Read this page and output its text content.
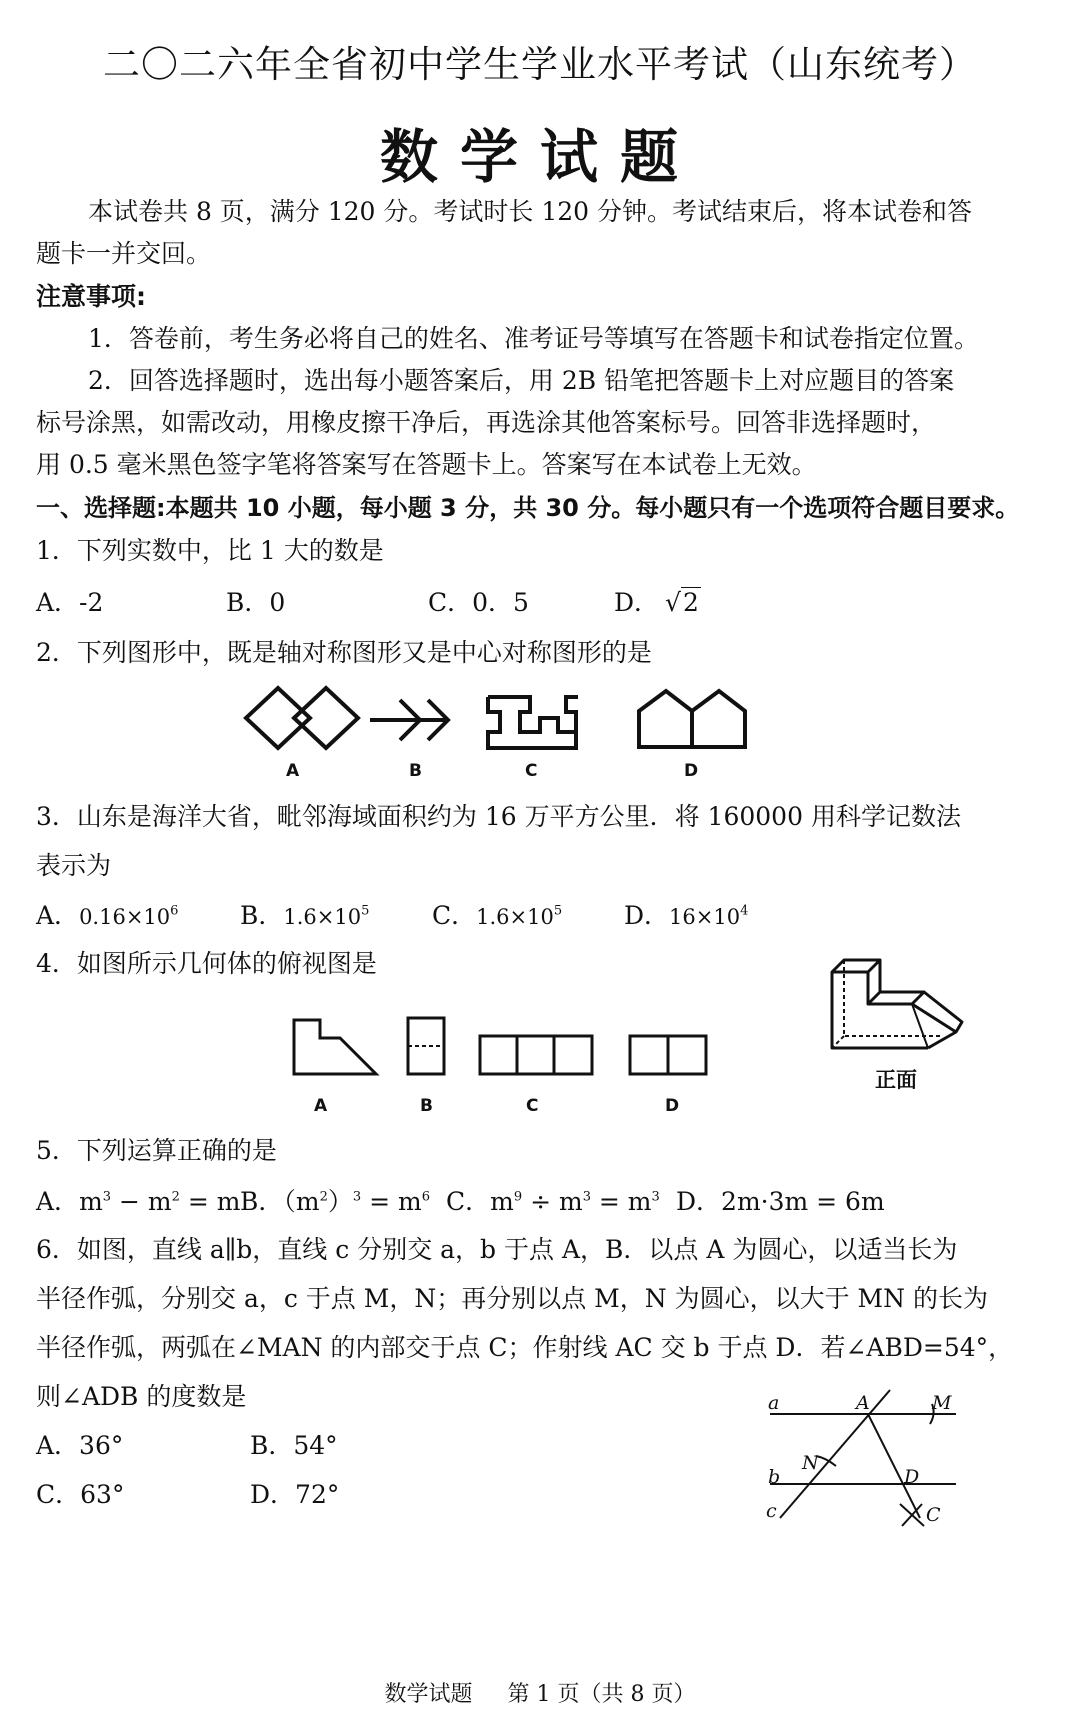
二〇二六年全省初中学生学业水平考试（山东统考）
数学试题
本试卷共 8 页，满分 120 分。考试时长 120 分钟。考试结束后，将本试卷和答
题卡一并交回。
注意事项:
1．答卷前，考生务必将自己的姓名、准考证号等填写在答题卡和试卷指定位置。
2．回答选择题时，选出每小题答案后，用 2B 铅笔把答题卡上对应题目的答案
标号涂黑，如需改动，用橡皮擦干净后，再选涂其他答案标号。回答非选择题时，
用 0.5 毫米黑色签字笔将答案写在答题卡上。答案写在本试卷上无效。
一、选择题:本题共 10 小题，每小题 3 分，共 30 分。每小题只有一个选项符合题目要求。
1．下列实数中，比 1 大的数是
A．-2	B．0	C．0．5	D． √2
2．下列图形中，既是轴对称图形又是中心对称图形的是
A	B	C	D
3．山东是海洋大省，毗邻海域面积约为 16 万平方公里．将 160000 用科学记数法
表示为
A．$0.16\times 10^6$ B．$1.6\times 10^5$	C．$1.6\times 10^5$ D．$16\times 10^4$
4．如图所示几何体的俯视图是
A	B	C	D
正面
5．下列运算正确的是
A．$m^3 - m^2 = m$ B．$(m^2)^3 = m^6$ C．$m^9 \div m^3 = m^3$ D．2m·3m = 6m
6．如图，直线 a∥b，直线 c 分别交 a，b 于点 A，B．以点 A 为圆心，以适当长为
半径作弧，分别交 a，c 于点 M，N；再分别以点 M，N 为圆心，以大于 MN 的长为
半径作弧，两弧在∠MAN 的内部交于点 C；作射线 AC 交 b 于点 D．若∠ABD=54°，
则∠ADB 的度数是
A．36°	B．54°
C．63°	D．72°
a	A	M
N
b	D
c	C
数学试题     第 1 页（共 8 页）
